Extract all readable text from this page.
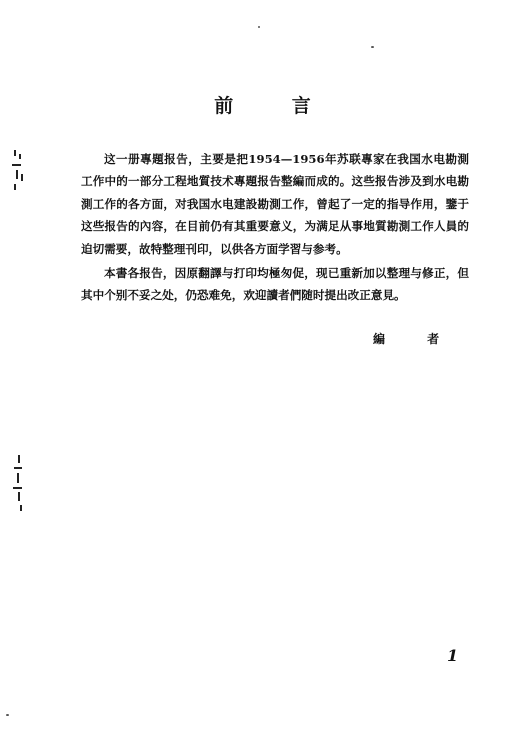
前 言

这一册專題报告，主要是把1954—1956年苏联專家在我国水电勘測工作中的一部分工程地質技术專題报告整編而成的。这些报告涉及到水电勘測工作的各方面，对我国水电建設勘測工作，曾起了一定的指导作用，鑒于这些报告的內容，在目前仍有其重要意义，为满足从事地質勘測工作人員的迫切需要，故特整理刊印，以供各方面学習与参考。

本書各报告，因原翻譯与打印均極匆促，现已重新加以整理与修正，但其中个别不妥之处，仍恐难免，欢迎讀者們随时提出改正意見。

編 者
1
